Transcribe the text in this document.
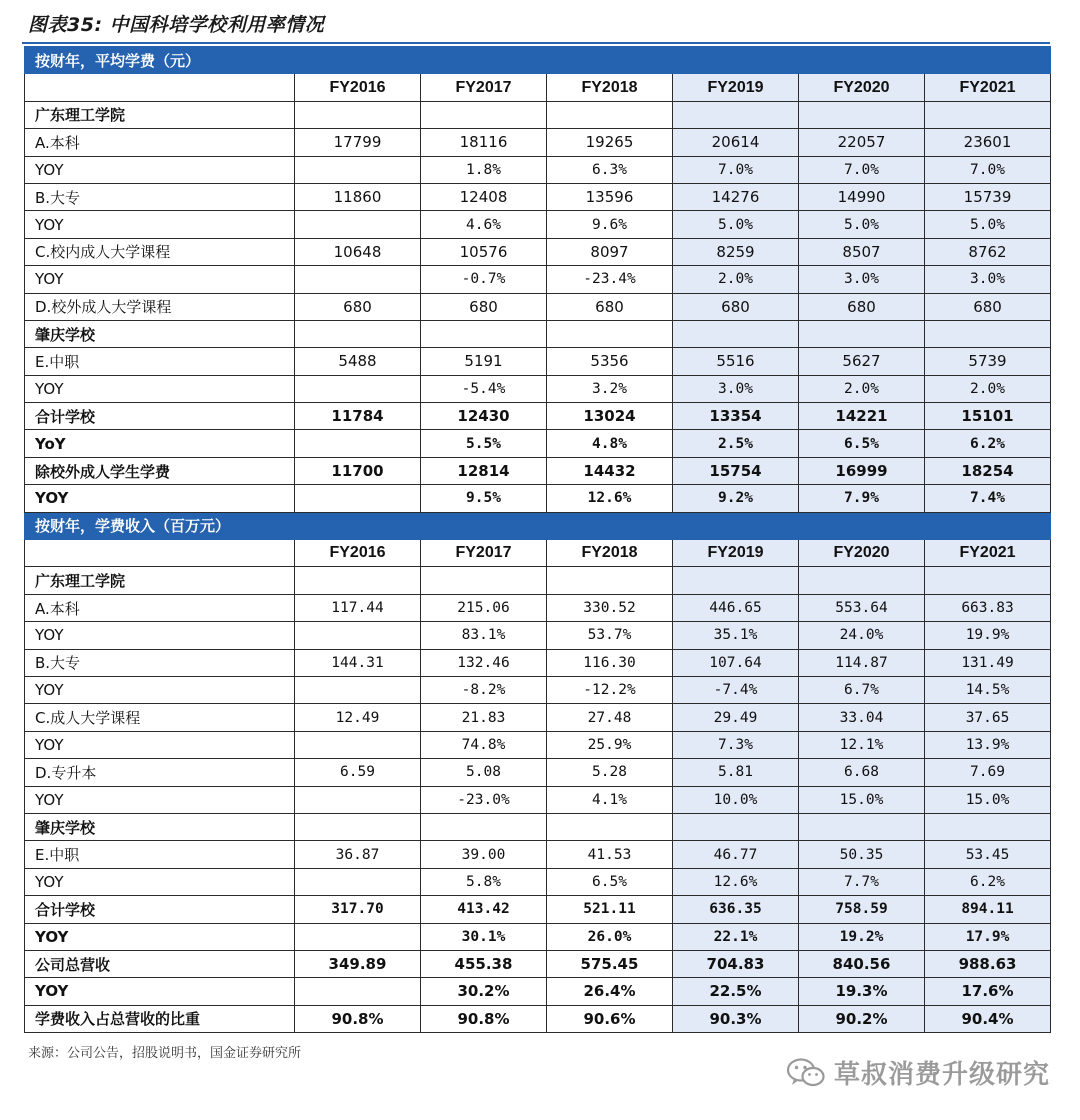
图表35: 中国科培学校利用率情况
按财年，平均学费（元）						
	FY2016	FY2017	FY2018	FY2019	FY2020	FY2021
广东理工学院						
A.本科	17799	18116	19265	20614	22057	23601
YOY		1.8%	6.3%	7.0%	7.0%	7.0%
B.大专	11860	12408	13596	14276	14990	15739
YOY		4.6%	9.6%	5.0%	5.0%	5.0%
C.校内成人大学课程	10648	10576	8097	8259	8507	8762
YOY		-0.7%	-23.4%	2.0%	3.0%	3.0%
D.校外成人大学课程	680	680	680	680	680	680
肇庆学校						
E.中职	5488	5191	5356	5516	5627	5739
YOY		-5.4%	3.2%	3.0%	2.0%	2.0%
合计学校	11784	12430	13024	13354	14221	15101
YoY		5.5%	4.8%	2.5%	6.5%	6.2%
除校外成人学生学费	11700	12814	14432	15754	16999	18254
YOY		9.5%	12.6%	9.2%	7.9%	7.4%
按财年，学费收入（百万元）						
	FY2016	FY2017	FY2018	FY2019	FY2020	FY2021
广东理工学院						
A.本科	117.44	215.06	330.52	446.65	553.64	663.83
YOY		83.1%	53.7%	35.1%	24.0%	19.9%
B.大专	144.31	132.46	116.30	107.64	114.87	131.49
YOY		-8.2%	-12.2%	-7.4%	6.7%	14.5%
C.成人大学课程	12.49	21.83	27.48	29.49	33.04	37.65
YOY		74.8%	25.9%	7.3%	12.1%	13.9%
D.专升本	6.59	5.08	5.28	5.81	6.68	7.69
YOY		-23.0%	4.1%	10.0%	15.0%	15.0%
肇庆学校						
E.中职	36.87	39.00	41.53	46.77	50.35	53.45
YOY		5.8%	6.5%	12.6%	7.7%	6.2%
合计学校	317.70	413.42	521.11	636.35	758.59	894.11
YOY		30.1%	26.0%	22.1%	19.2%	17.9%
公司总营收	349.89	455.38	575.45	704.83	840.56	988.63
YOY		30.2%	26.4%	22.5%	19.3%	17.6%
学费收入占总营收的比重	90.8%	90.8%	90.6%	90.3%	90.2%	90.4%
来源：公司公告，招股说明书，国金证券研究所
草叔消费升级研究
